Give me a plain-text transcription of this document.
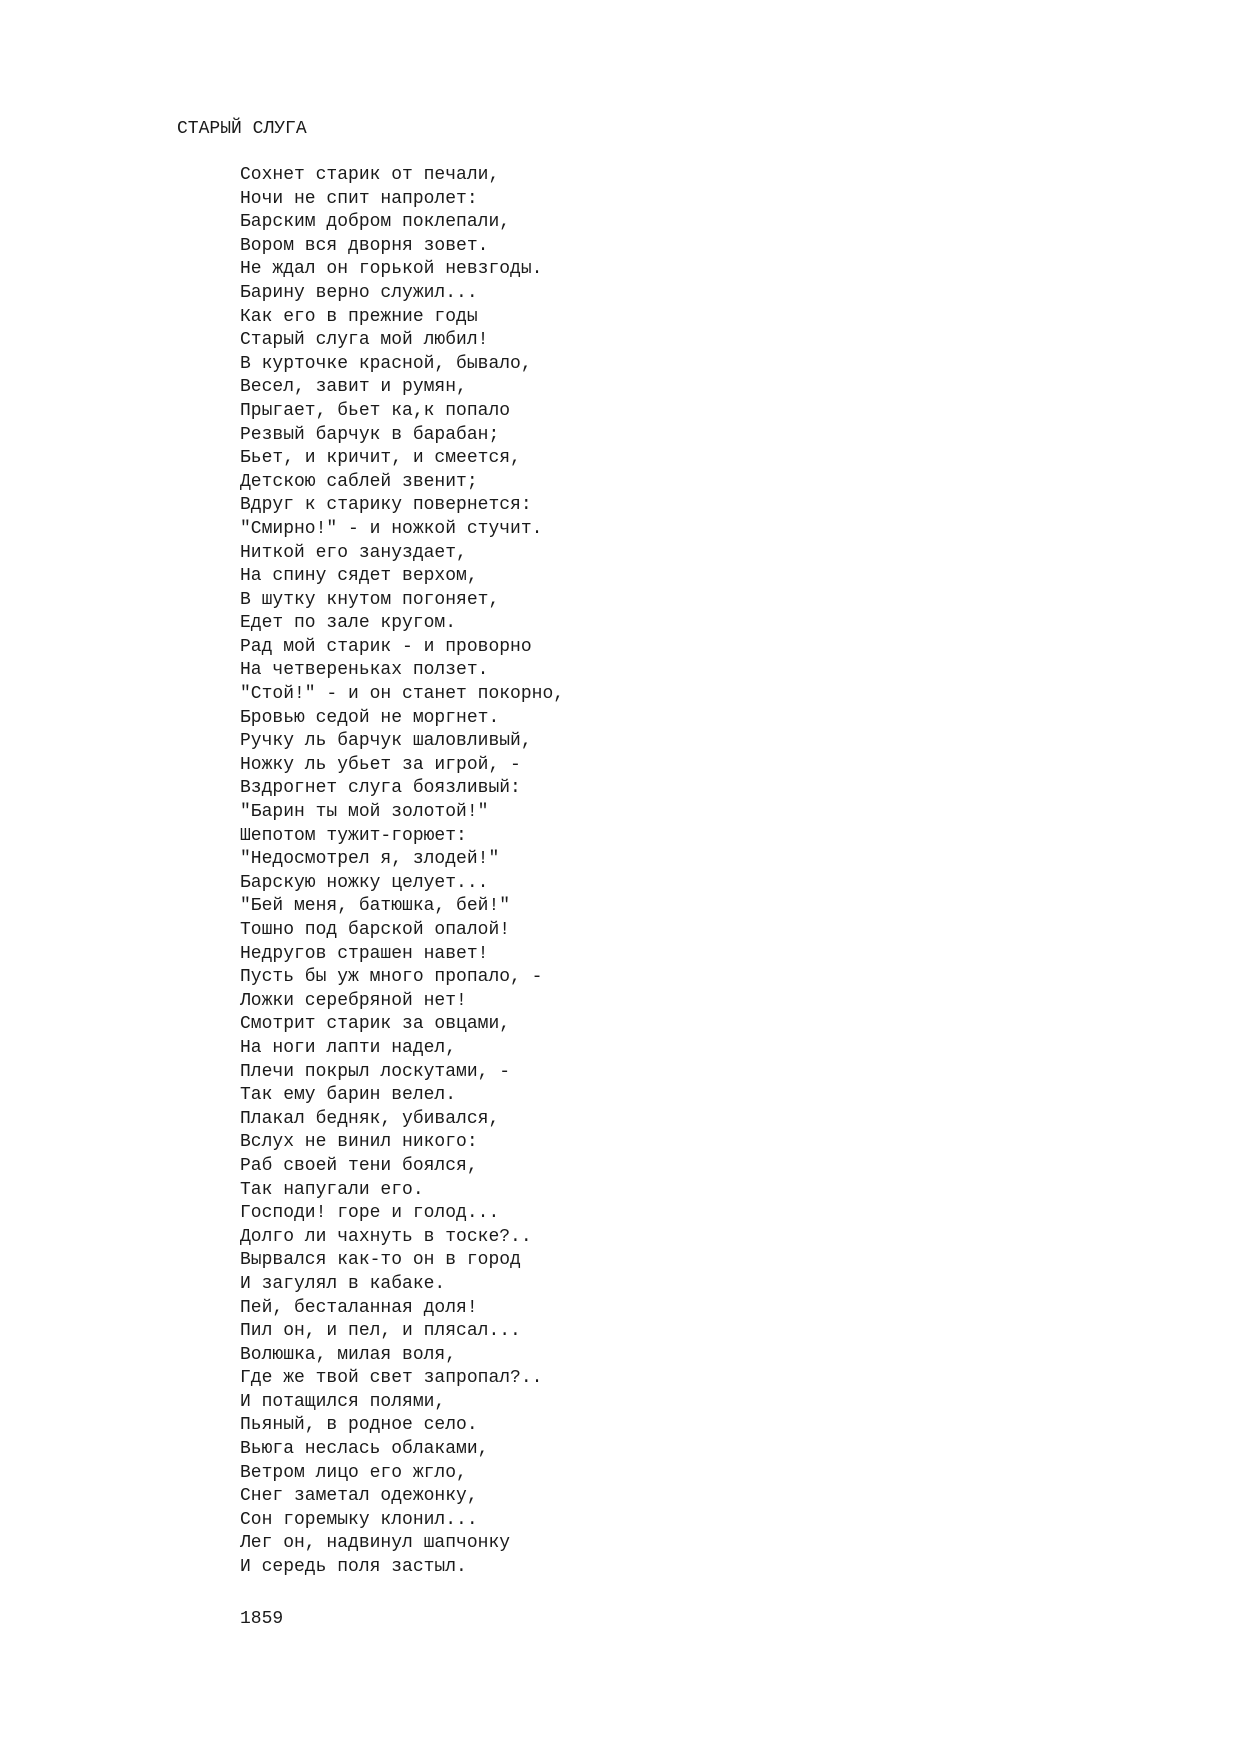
СТАРЫЙ СЛУГА
Сохнет старик от печали,
Ночи не спит напролет:
Барским добром поклепали,
Вором вся дворня зовет.
Не ждал он горькой невзгоды.
Барину верно служил...
Как его в прежние годы
Старый слуга мой любил!
В курточке красной, бывало,
Весел, завит и румян,
Прыгает, бьет ка,к попало
Резвый барчук в барабан;
Бьет, и кричит, и смеется,
Детскою саблей звенит;
Вдруг к старику повернется:
"Смирно!" - и ножкой стучит.
Ниткой его зануздает,
На спину сядет верхом,
В шутку кнутом погоняет,
Едет по зале кругом.
Рад мой старик - и проворно
На четвереньках ползет.
"Стой!" - и он станет покорно,
Бровью седой не моргнет.
Ручку ль барчук шаловливый,
Ножку ль убьет за игрой, -
Вздрогнет слуга боязливый:
"Барин ты мой золотой!"
Шепотом тужит-горюет:
"Недосмотрел я, злодей!"
Барскую ножку целует...
"Бей меня, батюшка, бей!"
Тошно под барской опалой!
Недругов страшен навет!
Пусть бы уж много пропало, -
Ложки серебряной нет!
Смотрит старик за овцами,
На ноги лапти надел,
Плечи покрыл лоскутами, -
Так ему барин велел.
Плакал бедняк, убивался,
Вслух не винил никого:
Раб своей тени боялся,
Так напугали его.
Господи! горе и голод...
Долго ли чахнуть в тоске?..
Вырвался как-то он в город
И загулял в кабаке.
Пей, бесталанная доля!
Пил он, и пел, и плясал...
Волюшка, милая воля,
Где же твой свет запропал?..
И потащился полями,
Пьяный, в родное село.
Вьюга неслась облаками,
Ветром лицо его жгло,
Снег заметал одежонку,
Сон горемыку клонил...
Лег он, надвинул шапчонку
И середь поля застыл.
1859
